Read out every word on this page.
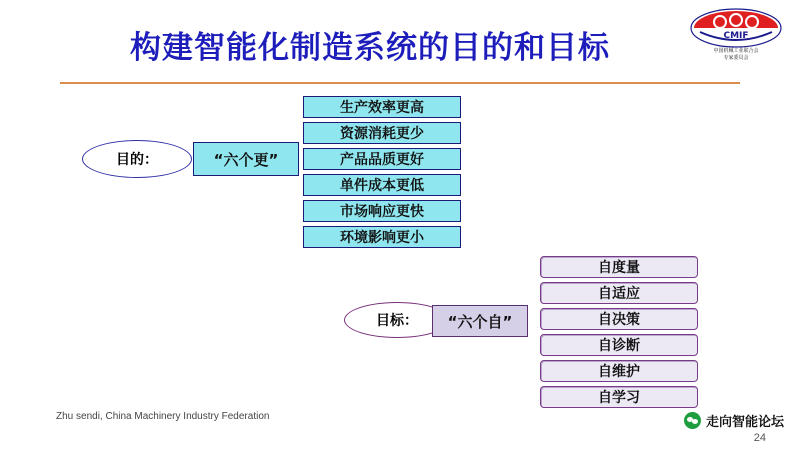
构建智能化制造系统的目的和目标	CMIF
中国机械工业联合会
专家委员会
目的：	“六个更”
生产效率更高
资源消耗更少
产品品质更好
单件成本更低
市场响应更快
环境影响更小
目标：	“六个自”
自度量
自适应
自决策
自诊断
自维护
自学习
Zhu sendi, China Machinery Industry Federation
24
走向智能论坛
